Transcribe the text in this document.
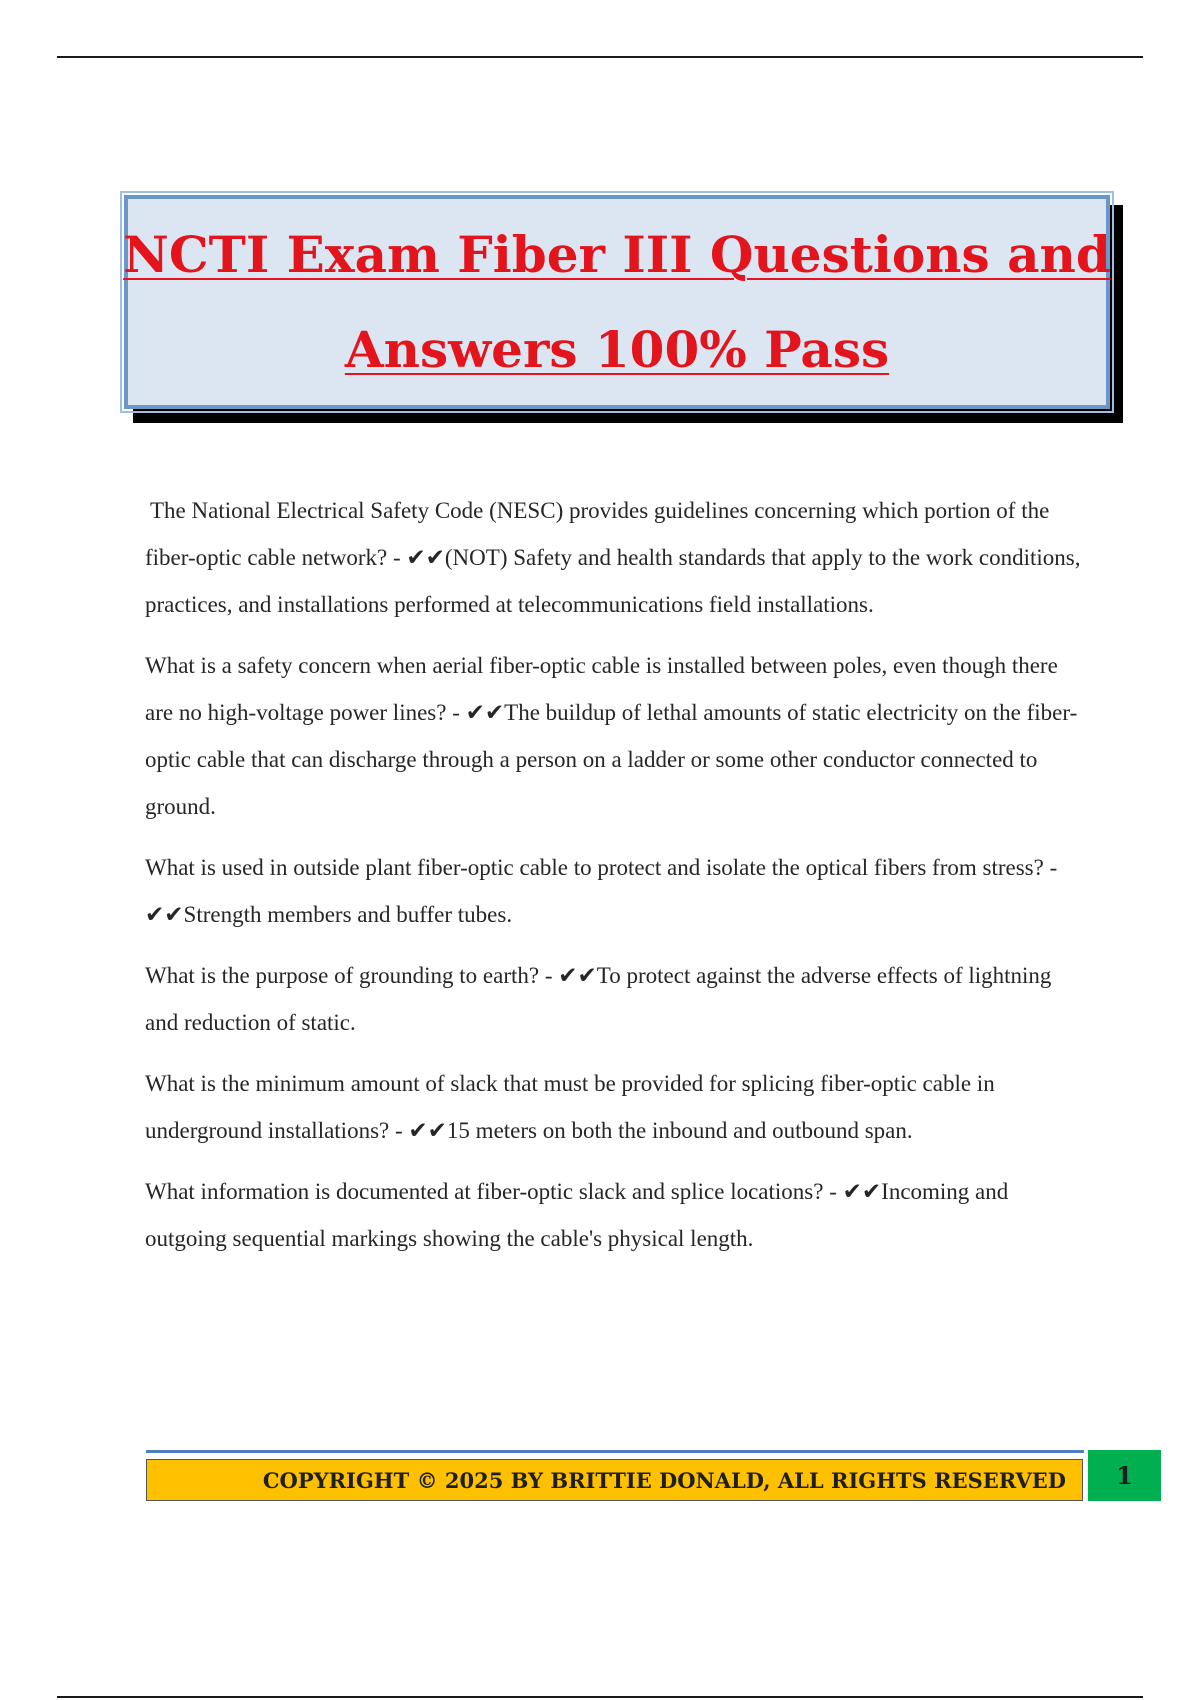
NCTI Exam Fiber III Questions and
Answers 100% Pass

The National Electrical Safety Code (NESC) provides guidelines concerning which portion of the fiber-optic cable network? - ✔✔(NOT) Safety and health standards that apply to the work conditions, practices, and installations performed at telecommunications field installations.

What is a safety concern when aerial fiber-optic cable is installed between poles, even though there are no high-voltage power lines? - ✔✔The buildup of lethal amounts of static electricity on the fiber-optic cable that can discharge through a person on a ladder or some other conductor connected to ground.

What is used in outside plant fiber-optic cable to protect and isolate the optical fibers from stress? - ✔✔Strength members and buffer tubes.

What is the purpose of grounding to earth? - ✔✔To protect against the adverse effects of lightning and reduction of static.

What is the minimum amount of slack that must be provided for splicing fiber-optic cable in underground installations? - ✔✔15 meters on both the inbound and outbound span.

What information is documented at fiber-optic slack and splice locations? - ✔✔Incoming and outgoing sequential markings showing the cable's physical length.

COPYRIGHT © 2025 BY BRITTIE DONALD, ALL RIGHTS RESERVED 1
